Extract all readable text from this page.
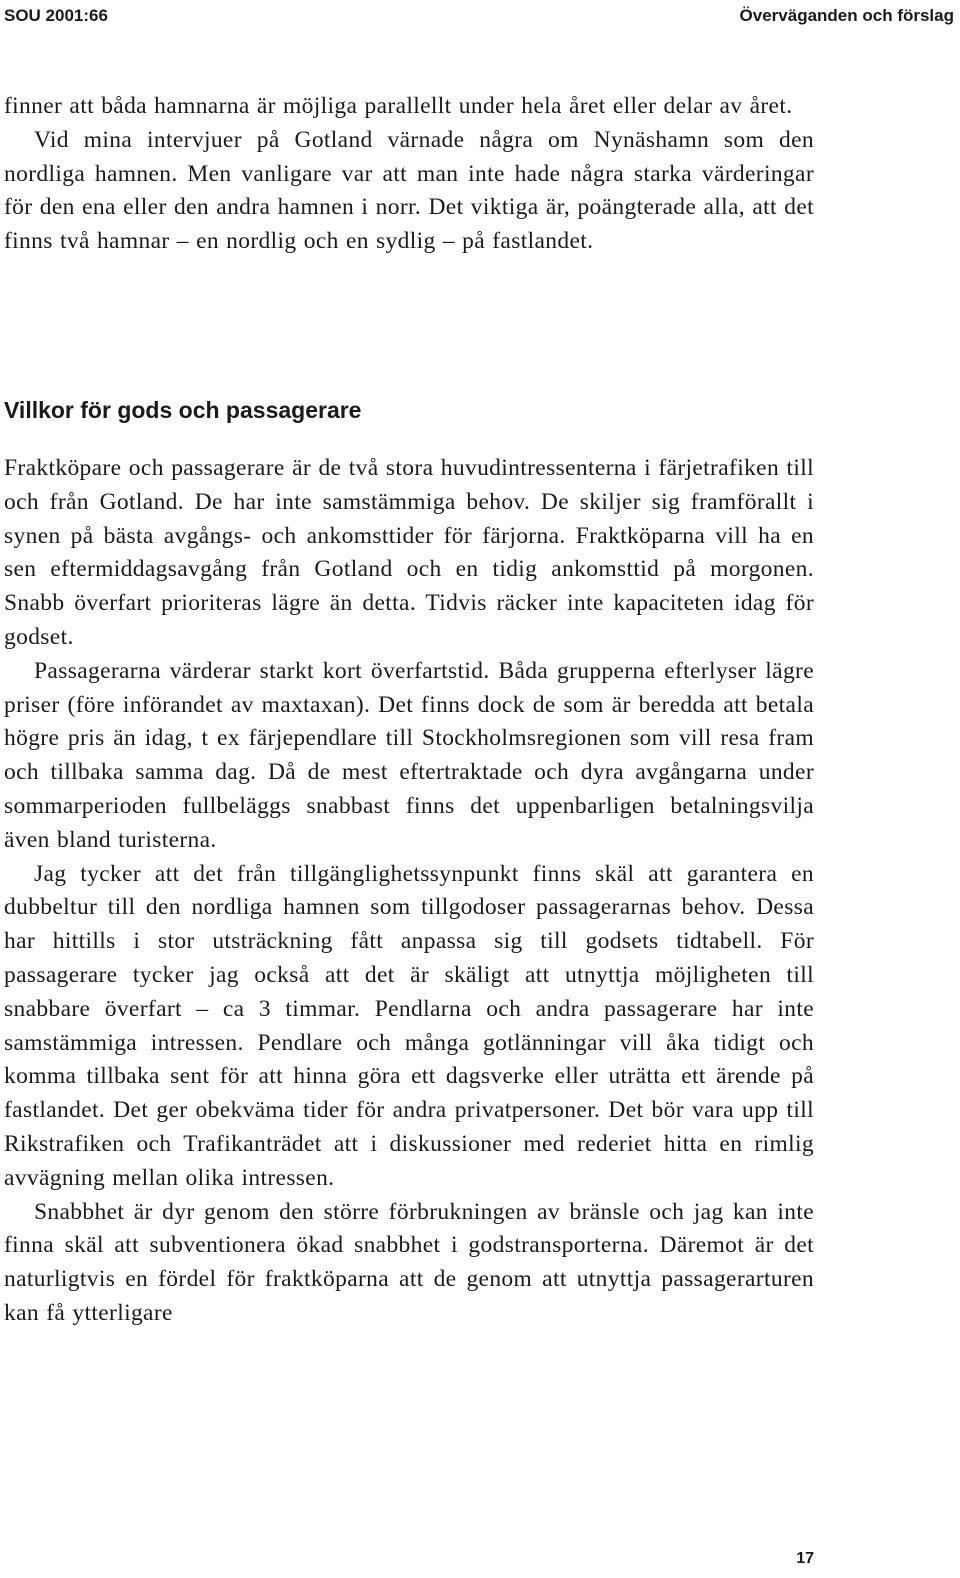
SOU 2001:66	Överväganden och förslag

finner att båda hamnarna är möjliga parallellt under hela året eller delar av året.

Vid mina intervjuer på Gotland värnade några om Nynäshamn som den nordliga hamnen. Men vanligare var att man inte hade några starka värderingar för den ena eller den andra hamnen i norr. Det viktiga är, poängterade alla, att det finns två hamnar – en nordlig och en sydlig – på fastlandet.

Villkor för gods och passagerare

Fraktköpare och passagerare är de två stora huvudintressenterna i färjetrafiken till och från Gotland. De har inte samstämmiga behov. De skiljer sig framförallt i synen på bästa avgångs- och ankomsttider för färjorna. Fraktköparna vill ha en sen eftermiddagsavgång från Gotland och en tidig ankomsttid på morgonen. Snabb överfart prioriteras lägre än detta. Tidvis räcker inte kapaciteten idag för godset.

Passagerarna värderar starkt kort överfartstid. Båda grupperna efterlyser lägre priser (före införandet av maxtaxan). Det finns dock de som är beredda att betala högre pris än idag, t ex färjependlare till Stockholmsregionen som vill resa fram och tillbaka samma dag. Då de mest eftertraktade och dyra avgångarna under sommarperioden fullbeläggs snabbast finns det uppenbarligen betalningsvilja även bland turisterna.

Jag tycker att det från tillgänglighetssynpunkt finns skäl att garantera en dubbeltur till den nordliga hamnen som tillgodoser passagerarnas behov. Dessa har hittills i stor utsträckning fått anpassa sig till godsets tidtabell. För passagerare tycker jag också att det är skäligt att utnyttja möjligheten till snabbare överfart – ca 3 timmar. Pendlarna och andra passagerare har inte samstämmiga intressen. Pendlare och många gotlänningar vill åka tidigt och komma tillbaka sent för att hinna göra ett dagsverke eller uträtta ett ärende på fastlandet. Det ger obekväma tider för andra privatpersoner. Det bör vara upp till Rikstrafiken och Trafikanträdet att i diskussioner med rederiet hitta en rimlig avvägning mellan olika intressen.

Snabbhet är dyr genom den större förbrukningen av bränsle och jag kan inte finna skäl att subventionera ökad snabbhet i godstransporterna. Däremot är det naturligtvis en fördel för fraktköparna att de genom att utnyttja passagerarturen kan få ytterligare

17
